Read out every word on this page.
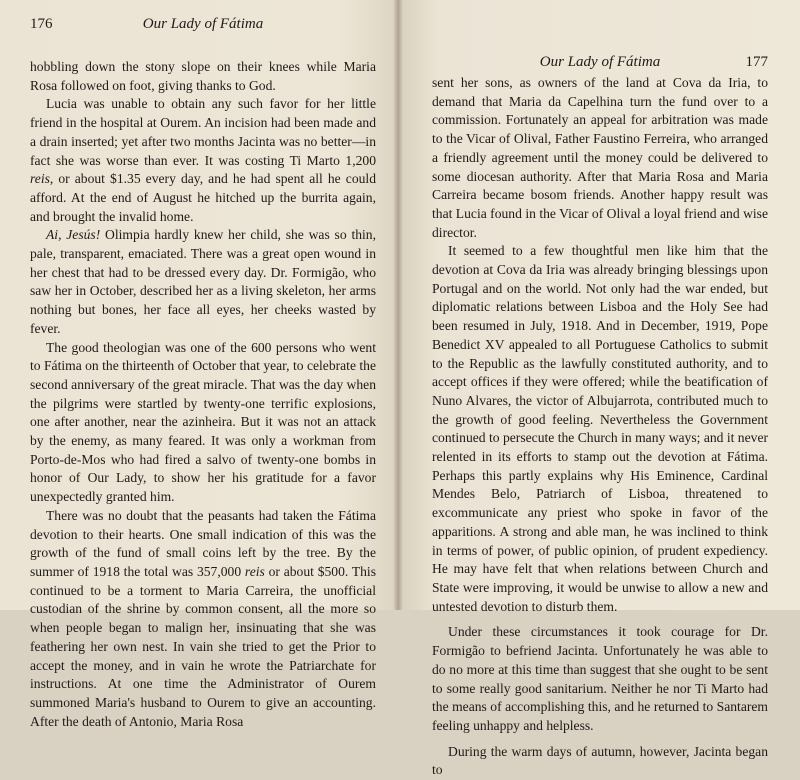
176	Our Lady of Fátima

hobbling down the stony slope on their knees while Maria Rosa followed on foot, giving thanks to God.

Lucia was unable to obtain any such favor for her little friend in the hospital at Ourem. An incision had been made and a drain inserted; yet after two months Jacinta was no better—in fact she was worse than ever. It was costing Ti Marto 1,200 reis, or about $1.35 every day, and he had spent all he could afford. At the end of August he hitched up the burrita again, and brought the invalid home.

Ai, Jesús! Olimpia hardly knew her child, she was so thin, pale, transparent, emaciated. There was a great open wound in her chest that had to be dressed every day. Dr. Formigão, who saw her in October, described her as a living skeleton, her arms nothing but bones, her face all eyes, her cheeks wasted by fever.

The good theologian was one of the 600 persons who went to Fátima on the thirteenth of October that year, to celebrate the second anniversary of the great miracle. That was the day when the pilgrims were startled by twenty-one terrific explosions, one after another, near the azinheira. But it was not an attack by the enemy, as many feared. It was only a workman from Porto-de-Mos who had fired a salvo of twenty-one bombs in honor of Our Lady, to show her his gratitude for a favor unexpectedly granted him.

There was no doubt that the peasants had taken the Fátima devotion to their hearts. One small indication of this was the growth of the fund of small coins left by the tree. By the summer of 1918 the total was 357,000 reis or about $500. This continued to be a torment to Maria Carreira, the unofficial custodian of the shrine by common consent, all the more so when people began to malign her, insinuating that she was feathering her own nest. In vain she tried to get the Prior to accept the money, and in vain he wrote the Patriarchate for instructions. At one time the Administrator of Ourem summoned Maria's husband to Ourem to give an accounting. After the death of Antonio, Maria Rosa

sent her sons, as owners of the land at Cova da Iria, to demand that Maria da Capelhina turn the fund over to a commission. Fortunately an appeal for arbitration was made to the Vicar of Olival, Father Faustino Ferreira, who arranged a friendly agreement until the money could be delivered to some diocesan authority. After that Maria Rosa and Maria Carreira became bosom friends. Another happy result was that Lucia found in the Vicar of Olival a loyal friend and wise director.

It seemed to a few thoughtful men like him that the devotion at Cova da Iria was already bringing blessings upon Portugal and on the world. Not only had the war ended, but diplomatic relations between Lisboa and the Holy See had been resumed in July, 1918. And in December, 1919, Pope Benedict XV appealed to all Portuguese Catholics to submit to the Republic as the lawfully constituted authority, and to accept offices if they were offered; while the beatification of Nuno Alvares, the victor of Albujarrota, contributed much to the growth of good feeling. Nevertheless the Government continued to persecute the Church in many ways; and it never relented in its efforts to stamp out the devotion at Fátima. Perhaps this partly explains why His Eminence, Cardinal Mendes Belo, Patriarch of Lisboa, threatened to excommunicate any priest who spoke in favor of the apparitions. A strong and able man, he was inclined to think in terms of power, of public opinion, of prudent expediency. He may have felt that when relations between Church and State were improving, it would be unwise to allow a new and untested devotion to disturb them.

Under these circumstances it took courage for Dr. Formigão to befriend Jacinta. Unfortunately he was able to do no more at this time than suggest that she ought to be sent to some really good sanitarium. Neither he nor Ti Marto had the means of accomplishing this, and he returned to Santarem feeling unhappy and helpless.

During the warm days of autumn, however, Jacinta began to

Our Lady of Fátima	177
